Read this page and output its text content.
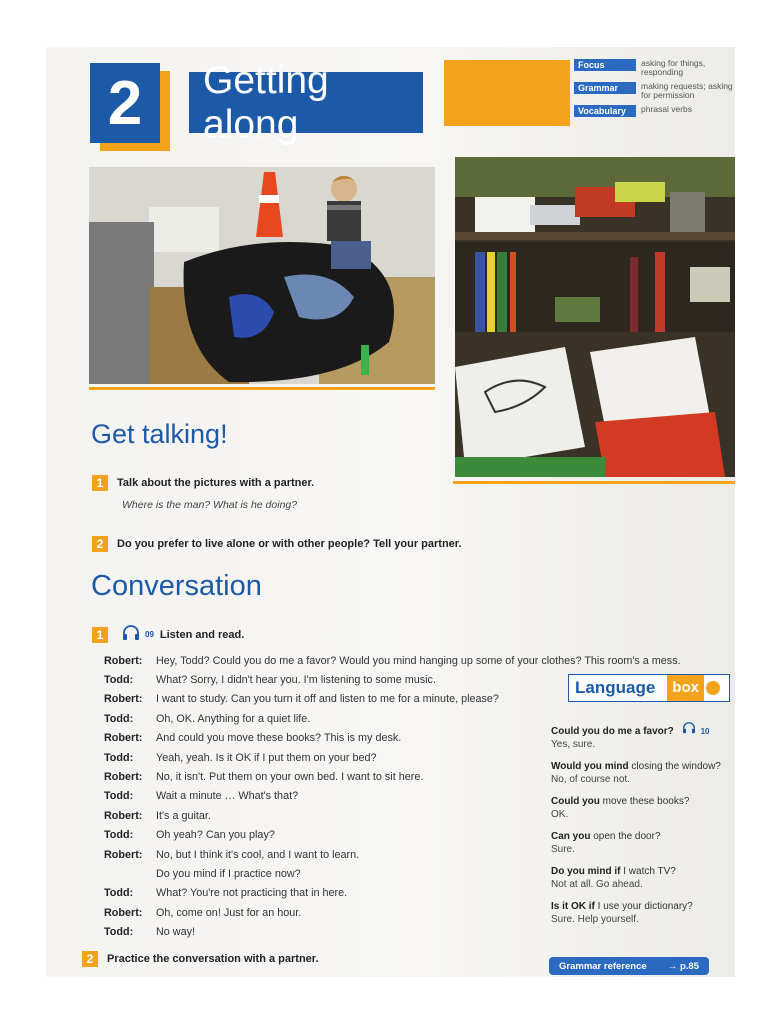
2	Getting along
Focus	asking for things, responding
Grammar	making requests; asking for permission
Vocabulary	phrasal verbs
Get talking!
1	Talk about the pictures with a partner.
Where is the man? What is he doing?
2	Do you prefer to live alone or with other people? Tell your partner.
Conversation
1	09 Listen and read.
Robert:	Hey, Todd? Could you do me a favor? Would you mind hanging up some of your clothes? This room's a mess.
Todd:	What? Sorry, I didn't hear you. I'm listening to some music.
Robert:	I want to study. Can you turn it off and listen to me for a minute, please?
Todd:	Oh, OK. Anything for a quiet life.
Robert:	And could you move these books? This is my desk.
Todd:	Yeah, yeah. Is it OK if I put them on your bed?
Robert:	No, it isn't. Put them on your own bed. I want to sit here.
Todd:	Wait a minute … What's that?
Robert:	It's a guitar.
Todd:	Oh yeah? Can you play?
Robert:	No, but I think it's cool, and I want to learn.
Do you mind if I practice now?
Todd:	What? You're not practicing that in here.
Robert:	Oh, come on! Just for an hour.
Todd:	No way!
Language	box
Could you do me a favor?	10
Yes, sure.
Would you mind closing the window?
No, of course not.
Could you move these books?
OK.
Can you open the door?
Sure.
Do you mind if I watch TV?
Not at all. Go ahead.
Is it OK if I use your dictionary?
Sure. Help yourself.
2	Practice the conversation with a partner.
Grammar reference → p.85
